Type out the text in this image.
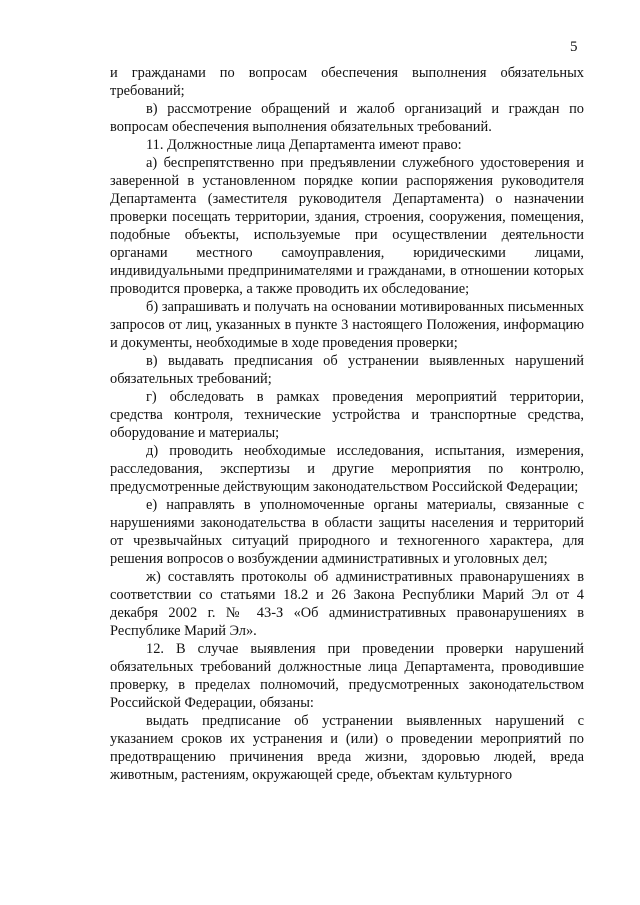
5

и гражданами по вопросам обеспечения выполнения обязательных требований;

в) рассмотрение обращений и жалоб организаций и граждан по вопросам обеспечения выполнения обязательных требований.

11. Должностные лица Департамента имеют право:

а) беспрепятственно при предъявлении служебного удостоверения и заверенной в установленном порядке копии распоряжения руководителя Департамента (заместителя руководителя Департамента) о назначении проверки посещать территории, здания, строения, сооружения, помещения, подобные объекты, используемые при осуществлении деятельности органами местного самоуправления, юридическими лицами, индивидуальными предпринимателями и гражданами, в отношении которых проводится проверка, а также проводить их обследование;

б) запрашивать и получать на основании мотивированных письменных запросов от лиц, указанных в пункте 3 настоящего Положения, информацию и документы, необходимые в ходе проведения проверки;

в) выдавать предписания об устранении выявленных нарушений обязательных требований;

г) обследовать в рамках проведения мероприятий территории, средства контроля, технические устройства и транспортные средства, оборудование и материалы;

д) проводить необходимые исследования, испытания, измерения, расследования, экспертизы и другие мероприятия по контролю, предусмотренные действующим законодательством Российской Федерации;

е) направлять в уполномоченные органы материалы, связанные с нарушениями законодательства в области защиты населения и территорий от чрезвычайных ситуаций природного и техногенного характера, для решения вопросов о возбуждении административных и уголовных дел;

ж) составлять протоколы об административных правонарушениях в соответствии со статьями 18.2 и 26 Закона Республики Марий Эл от 4 декабря 2002 г. № 43-З «Об административных правонарушениях в Республике Марий Эл».

12. В случае выявления при проведении проверки нарушений обязательных требований должностные лица Департамента, проводившие проверку, в пределах полномочий, предусмотренных законодательством Российской Федерации, обязаны:

выдать предписание об устранении выявленных нарушений с указанием сроков их устранения и (или) о проведении мероприятий по предотвращению причинения вреда жизни, здоровью людей, вреда животным, растениям, окружающей среде, объектам культурного
